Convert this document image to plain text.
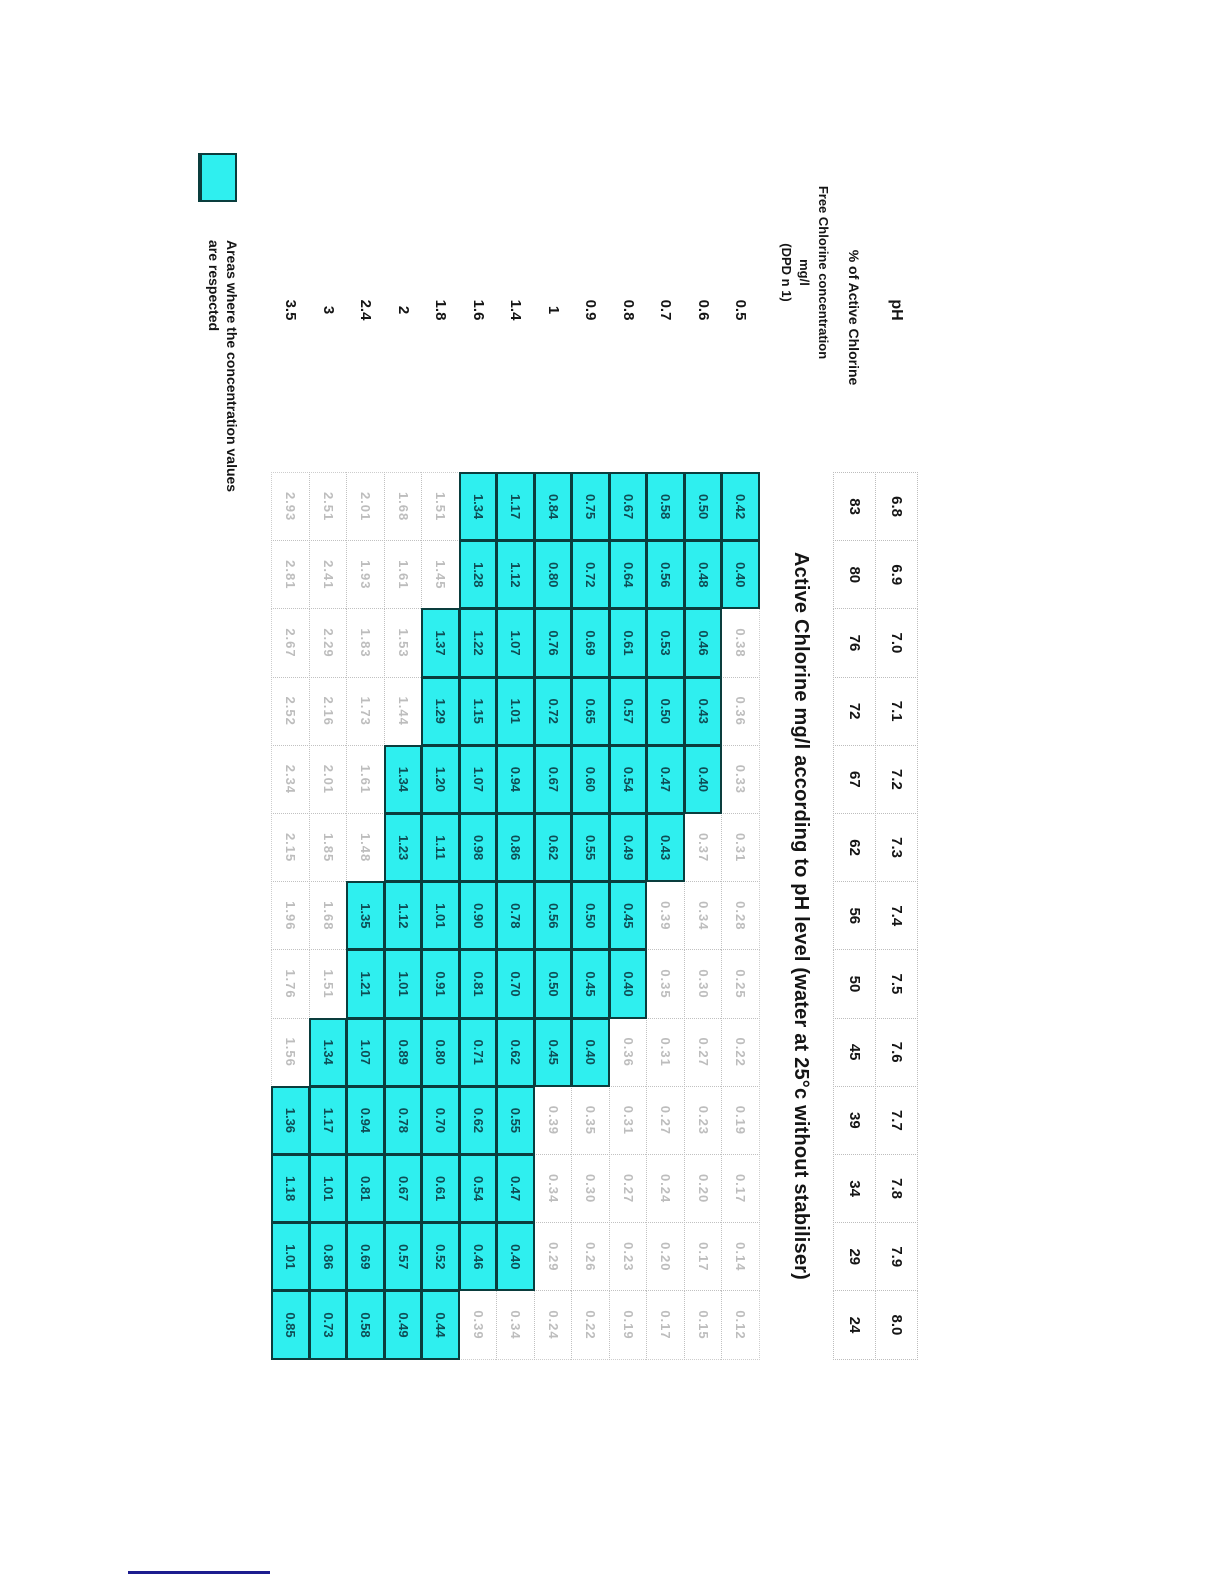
pH
% of Active Chlorine
Free Chlorine concentration mg/l
(DPD n 1)
Active Chlorine mg/l according to pH level (water at 25°c without stabiliser)
Areas where the concentration values
are respected
6.8
6.9
7.0
7.1
7.2
7.3
7.4
7.5
7.6
7.7
7.8
7.9
8.0
83
80
76
72
67
62
56
50
45
39
34
29
24
0.5
0.42
0.40
0.38
0.36
0.33
0.31
0.28
0.25
0.22
0.19
0.17
0.14
0.12
0.6
0.50
0.48
0.46
0.43
0.40
0.37
0.34
0.30
0.27
0.23
0.20
0.17
0.15
0.7
0.58
0.56
0.53
0.50
0.47
0.43
0.39
0.35
0.31
0.27
0.24
0.20
0.17
0.8
0.67
0.64
0.61
0.57
0.54
0.49
0.45
0.40
0.36
0.31
0.27
0.23
0.19
0.9
0.75
0.72
0.69
0.65
0.60
0.55
0.50
0.45
0.40
0.35
0.30
0.26
0.22
1
0.84
0.80
0.76
0.72
0.67
0.62
0.56
0.50
0.45
0.39
0.34
0.29
0.24
1.4
1.17
1.12
1.07
1.01
0.94
0.86
0.78
0.70
0.62
0.55
0.47
0.40
0.34
1.6
1.34
1.28
1.22
1.15
1.07
0.98
0.90
0.81
0.71
0.62
0.54
0.46
0.39
1.8
1.51
1.45
1.37
1.29
1.20
1.11
1.01
0.91
0.80
0.70
0.61
0.52
0.44
2
1.68
1.61
1.53
1.44
1.34
1.23
1.12
1.01
0.89
0.78
0.67
0.57
0.49
2.4
2.01
1.93
1.83
1.73
1.61
1.48
1.35
1.21
1.07
0.94
0.81
0.69
0.58
3
2.51
2.41
2.29
2.16
2.01
1.85
1.68
1.51
1.34
1.17
1.01
0.86
0.73
3.5
2.93
2.81
2.67
2.52
2.34
2.15
1.96
1.76
1.56
1.36
1.18
1.01
0.85
